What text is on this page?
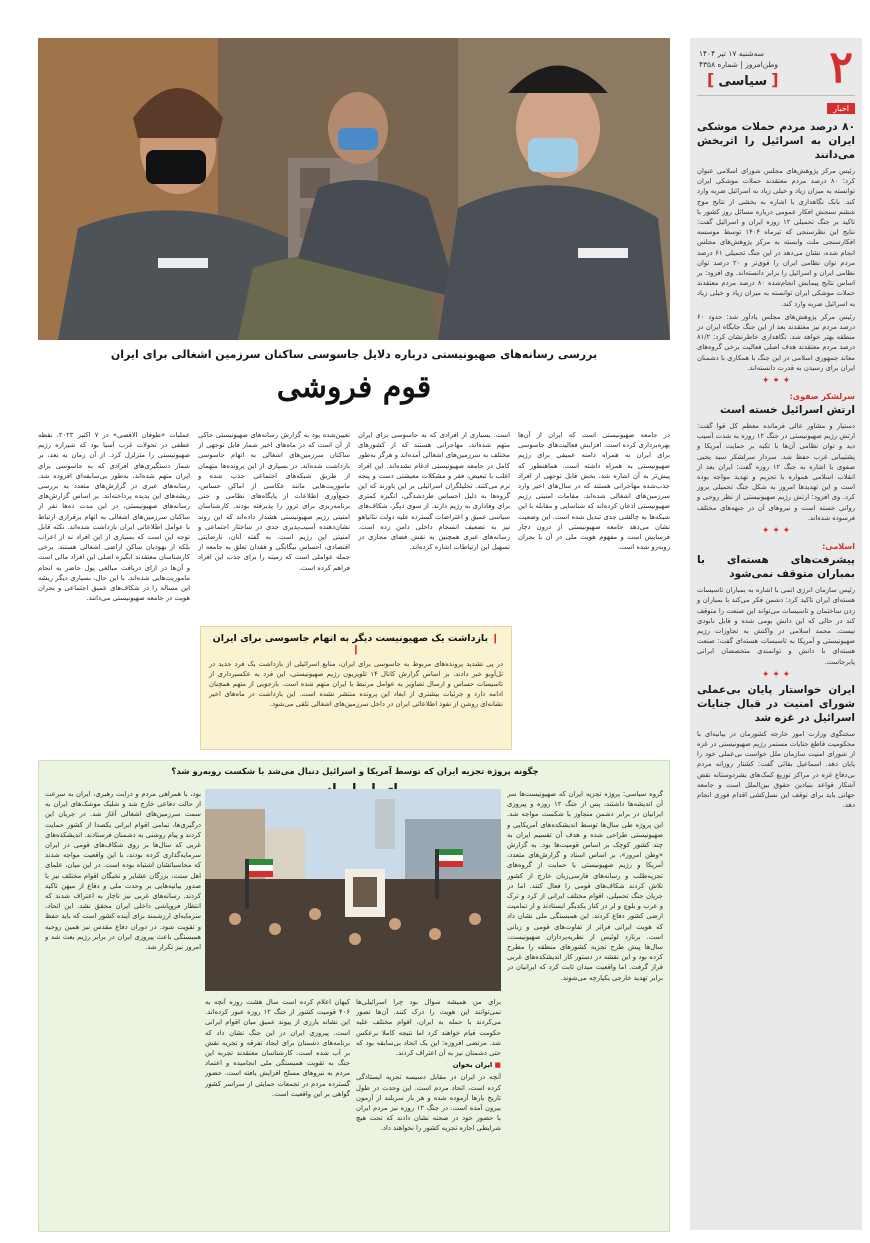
۲
سه‌شنبه ۱۷ تیر ۱۴۰۴
وطن‌امروز | شماره ۴۳۵۸
[سیاسی]
اخبار
۸۰ درصد مردم حملات موشکی ایران به اسرائیل را اثربخش می‌دانند
رئیس مرکز پژوهش‌های مجلس شورای اسلامی عنوان کرد: ۸۰ درصد مردم معتقدند حملات موشکی ایران توانسته به میزان زیاد و خیلی زیاد به اسرائیل ضربه وارد کند. بابک نگاهداری با اشاره به بخشی از نتایج موج ششم سنجش افکار عمومی درباره مسائل روز کشور با تاکید بر جنگ تحمیلی ۱۲ روزه ایران و اسرائیل گفت: نتایج این نظرسنجی که تیرماه ۱۴۰۴ توسط موسسه افکارسنجی ملت وابسته به مرکز پژوهش‌های مجلس انجام شده، نشان می‌دهد در این جنگ تحمیلی ۶۱ درصد مردم توان نظامی ایران را قوی‌تر و ۲۰ درصد توان نظامی ایران و اسرائیل را برابر دانسته‌اند. وی افزود: بر اساس نتایج پیمایش انجام‌شده ۸۰ درصد مردم معتقدند حملات موشکی ایران توانسته به میزان زیاد و خیلی زیاد به اسرائیل ضربه وارد کند.
رئیس مرکز پژوهش‌های مجلس یادآور شد: حدود ۶۰ درصد مردم نیز معتقدند بعد از این جنگ جایگاه ایران در منطقه بهتر خواهد شد. نگاهداری خاطرنشان کرد: ۸۱/۲ درصد مردم معتقدند هدف اصلی فعالیت برخی گروه‌های معاند جمهوری اسلامی در این جنگ با همکاری با دشمنان ایران برای رسیدن به قدرت دانسته‌اند.
✦ ✦ ✦
سرلشکر صفوی:
ارتش اسرائیل خسته است
دستیار و مشاور عالی فرمانده معظم کل قوا گفت: ارتش رژیم صهیونیستی در جنگ ۱۲ روزه به شدت آسیب دید و توان نظامی آن‌ها با تکیه بر حمایت آمریکا و پشتیبانی غرب حفظ شد. سردار سرلشکر سید یحیی صفوی با اشاره به جنگ ۱۲ روزه گفت: ایران بعد از انقلاب اسلامی همواره با تحریم و تهدید مواجه بوده است و این تهدیدها امروز به شکل جنگ تحمیلی بروز کرد. وی افزود: ارتش رژیم صهیونیستی از نظر روحی و روانی خسته است و نیروهای آن در جبهه‌های مختلف فرسوده شده‌اند.
✦ ✦ ✦
اسلامی:
پیشرفت‌های هسته‌ای با بمباران متوقف نمی‌شود
رئیس سازمان انرژی اتمی با اشاره به بمباران تاسیسات هسته‌ای ایران تاکید کرد: دشمن فکر می‌کند با بمباران و زدن ساختمان و تاسیسات می‌تواند این صنعت را متوقف کند در حالی که این دانش بومی شده و قابل نابودی نیست. محمد اسلامی در واکنش به تجاوزات رژیم صهیونیستی و آمریکا به تاسیسات هسته‌ای گفت: صنعت هسته‌ای با دانش و توانمندی متخصصان ایرانی پابرجاست.
✦ ✦ ✦
ایران خواستار پایان بی‌عملی شورای امنیت در قبال جنایات اسرائیل در غزه شد
سخنگوی وزارت امور خارجه کشورمان در بیانیه‌ای با محکومیت قاطع جنایات مستمر رژیم صهیونیستی در غزه از شورای امنیت سازمان ملل خواست بی‌عملی خود را پایان دهد. اسماعیل بقائی گفت: کشتار روزانه مردم بی‌دفاع غزه در مراکز توزیع کمک‌های بشردوستانه نقض آشکار قواعد بنیادین حقوق بین‌الملل است و جامعه جهانی باید برای توقف این نسل‌کشی اقدام فوری انجام دهد.
بررسی رسانه‌های صهیونیستی درباره دلایل جاسوسی ساکنان سرزمین اشغالی برای ایران
قوم فروشی

عملیات «طوفان الاقصی» در ۷ اکتبر ۲۰۲۳، نقطه عطفی در تحولات غرب آسیا بود که شیرازه رژیم صهیونیستی را متزلزل کرد. از آن زمان به بعد، بر شمار دستگیری‌های افرادی که به جاسوسی برای ایران متهم شده‌اند، به‌طور بی‌سابقه‌ای افزوده شد. رسانه‌های عبری در گزارش‌های متعدد به بررسی ریشه‌های این پدیده پرداخته‌اند. بر اساس گزارش‌های رسانه‌های صهیونیستی، در این مدت ده‌ها نفر از ساکنان سرزمین‌های اشغالی به اتهام برقراری ارتباط با عوامل اطلاعاتی ایران بازداشت شده‌اند. نکته قابل توجه این است که بسیاری از این افراد نه از اعراب بلکه از یهودیان ساکن اراضی اشغالی هستند. برخی کارشناسان معتقدند انگیزه اصلی این افراد مالی است و آن‌ها در ازای دریافت مبالغی پول حاضر به انجام ماموریت‌هایی شده‌اند. با این حال، بسیاری دیگر ریشه این مساله را در شکاف‌های عمیق اجتماعی و بحران هویت در جامعه صهیونیستی می‌دانند.

تعیین‌شده بود به گزارش رسانه‌های صهیونیستی حاکی از آن است که در ماه‌های اخیر شمار قابل توجهی از ساکنان سرزمین‌های اشغالی به اتهام جاسوسی بازداشت شده‌اند. در بسیاری از این پرونده‌ها متهمان از طریق شبکه‌های اجتماعی جذب شده و ماموریت‌هایی مانند عکاسی از اماکن حساس، جمع‌آوری اطلاعات از پایگاه‌های نظامی و حتی برنامه‌ریزی برای ترور را پذیرفته بودند. کارشناسان امنیتی رژیم صهیونیستی هشدار داده‌اند که این روند نشان‌دهنده آسیب‌پذیری جدی در ساختار اجتماعی و امنیتی این رژیم است. به گفته آنان، نارضایتی اقتصادی، احساس بیگانگی و فقدان تعلق به جامعه از جمله عواملی است که زمینه را برای جذب این افراد فراهم کرده است.

است. بسیاری از افرادی که به جاسوسی برای ایران متهم شده‌اند، مهاجرانی هستند که از کشورهای مختلف به سرزمین‌های اشغالی آمده‌اند و هرگز به‌طور کامل در جامعه صهیونیستی ادغام نشده‌اند. این افراد اغلب با تبعیض، فقر و مشکلات معیشتی دست و پنجه نرم می‌کنند. تحلیلگران اسرائیلی بر این باورند که این گروه‌ها به دلیل احساس طردشدگی، انگیزه کمتری برای وفاداری به رژیم دارند. از سوی دیگر، شکاف‌های سیاسی عمیق و اعتراضات گسترده علیه دولت نتانیاهو نیز به تضعیف انسجام داخلی دامن زده است. رسانه‌های عبری همچنین به نقش فضای مجازی در تسهیل این ارتباطات اشاره کرده‌اند.

در جامعه صهیونیستی است که ایران از آن‌ها بهره‌برداری کرده است. افزایش فعالیت‌های جاسوسی برای ایران به همراه دامنه عمیقی برای رژیم صهیونیستی به همراه داشته است. هماهنطور که پیش‌تر به آن اشاره شد، بخش قابل توجهی از افراد جذب‌شده مهاجرانی هستند که در سال‌های اخیر وارد سرزمین‌های اشغالی شده‌اند. مقامات امنیتی رژیم صهیونیستی اذعان کرده‌اند که شناسایی و مقابله با این شبکه‌ها به چالشی جدی تبدیل شده است. این وضعیت نشان می‌دهد جامعه صهیونیستی از درون دچار فرسایش است و مفهوم هویت ملی در آن با بحران روبه‌رو شده است.

❙ بازداشت یک صهیونیست دیگر به اتهام جاسوسی برای ایران ❙
در پی تشدید پرونده‌های مربوط به جاسوسی برای ایران، منابع اسرائیلی از بازداشت یک فرد جدید در تل‌آویو خبر دادند. بر اساس گزارش کانال ۱۴ تلویزیون رژیم صهیونیستی، این فرد به عکسبرداری از تاسیسات حساس و ارسال تصاویر به عوامل مرتبط با ایران متهم شده است. بازجویی از متهم همچنان ادامه دارد و جزئیات بیشتری از ابعاد این پرونده منتشر نشده است. این بازداشت در ماه‌های اخیر نشانه‌ای روشن از نفوذ اطلاعاتی ایران در داخل سرزمین‌های اشغالی تلقی می‌شود.
چگونه پروژه تجزیه ایران که توسط آمریکا و اسرائیل دنبال می‌شد با شکست روبه‌رو شد؟
گروه سیاسی: پروژه تجزیه ایران که صهیونیست‌ها سر آن اندیشه‌ها داشتند، پس از جنگ ۱۲ روزه و پیروزی ایرانیان در برابر دشمن متجاوز با شکست مواجه شد. این پروژه طی سال‌ها توسط اندیشکده‌های آمریکایی و صهیونیستی طراحی شده و هدف آن تقسیم ایران به چند کشور کوچک بر اساس قومیت‌ها بود. به گزارش «وطن امروز»، بر اساس اسناد و گزارش‌های متعدد، آمریکا و رژیم صهیونیستی با حمایت از گروه‌های تجزیه‌طلب و رسانه‌های فارسی‌زبان خارج از کشور تلاش کردند شکاف‌های قومی را فعال کنند. اما در جریان جنگ تحمیلی، اقوام مختلف ایرانی از کرد و ترک و عرب و بلوچ و لر در کنار یکدیگر ایستادند و از تمامیت ارضی کشور دفاع کردند. این همبستگی ملی نشان داد که هویت ایرانی فراتر از تفاوت‌های قومی و زبانی است. برنارد لوئیس از نظریه‌پردازان صهیونیست، سال‌ها پیش طرح تجزیه کشورهای منطقه را مطرح کرده بود و این نقشه در دستور کار اندیشکده‌های غربی قرار گرفت. اما واقعیت میدان ثابت کرد که ایرانیان در برابر تهدید خارجی یکپارچه می‌شوند.
کیهان اعلام کرده است سال هشت روزه آنچه به ۴۰۶ قومیت کشور از جنگ ۱۲ روزه عبور کرده‌اند. این نشانه بارزی از پیوند عمیق میان اقوام ایرانی است. پیروزی ایران در این جنگ نشان داد که برنامه‌های دشمنان برای ایجاد تفرقه و تجزیه نقش بر آب شده است. کارشناسان معتقدند تجربه این جنگ به تقویت همبستگی ملی انجامیده و اعتماد مردم به نیروهای مسلح افزایش یافته است. حضور گسترده مردم در تجمعات حمایتی از سراسر کشور گواهی بر این واقعیت است.

برای من همیشه سوال بود چرا اسرائیلی‌ها نمی‌توانند این هویت را درک کنند. آن‌ها تصور می‌کردند با حمله به ایران، اقوام مختلف علیه حکومت قیام خواهند کرد اما نتیجه کاملا برعکس شد. مرتضی افروزه: این یک اتحاد بی‌سابقه بود که حتی دشمنان نیز به آن اعتراف کردند.

■ ایران بخوان

آنچه در ایران در مقابل دسیسه تجزیه ایستادگی کرده است، اتحاد مردم است. این وحدت در طول تاریخ بارها آزموده شده و هر بار سربلند از آزمون بیرون آمده است. در جنگ ۱۲ روزه نیز مردم ایران با حضور خود در صحنه نشان دادند که تحت هیچ شرایطی اجازه تجزیه کشور را نخواهند داد.

بود، با همراهی مردم و درایت رهبری، ایران به سرعت از حالت دفاعی خارج شد و شلیک موشک‌های ایران به سمت سرزمین‌های اشغالی آغاز شد. در جریان این درگیری‌ها، تمامی اقوام ایرانی یکصدا از کشور حمایت کردند و پیام روشنی به دشمنان فرستادند. اندیشکده‌های غربی که سال‌ها بر روی شکاف‌های قومی در ایران سرمایه‌گذاری کرده بودند، با این واقعیت مواجه شدند که محاسباتشان اشتباه بوده است. در این میان، علمای اهل سنت، بزرگان عشایر و نخبگان اقوام مختلف نیز با صدور بیانیه‌هایی بر وحدت ملی و دفاع از میهن تاکید کردند. رسانه‌های غربی نیز ناچار به اعتراف شدند که انتظار فروپاشی داخلی ایران محقق نشد. این اتحاد، سرمایه‌ای ارزشمند برای آینده کشور است که باید حفظ و تقویت شود. در دوران دفاع مقدس نیز همین روحیه همبستگی باعث پیروزی ایران در برابر رژیم بعث شد و امروز نیز تکرار شد.
